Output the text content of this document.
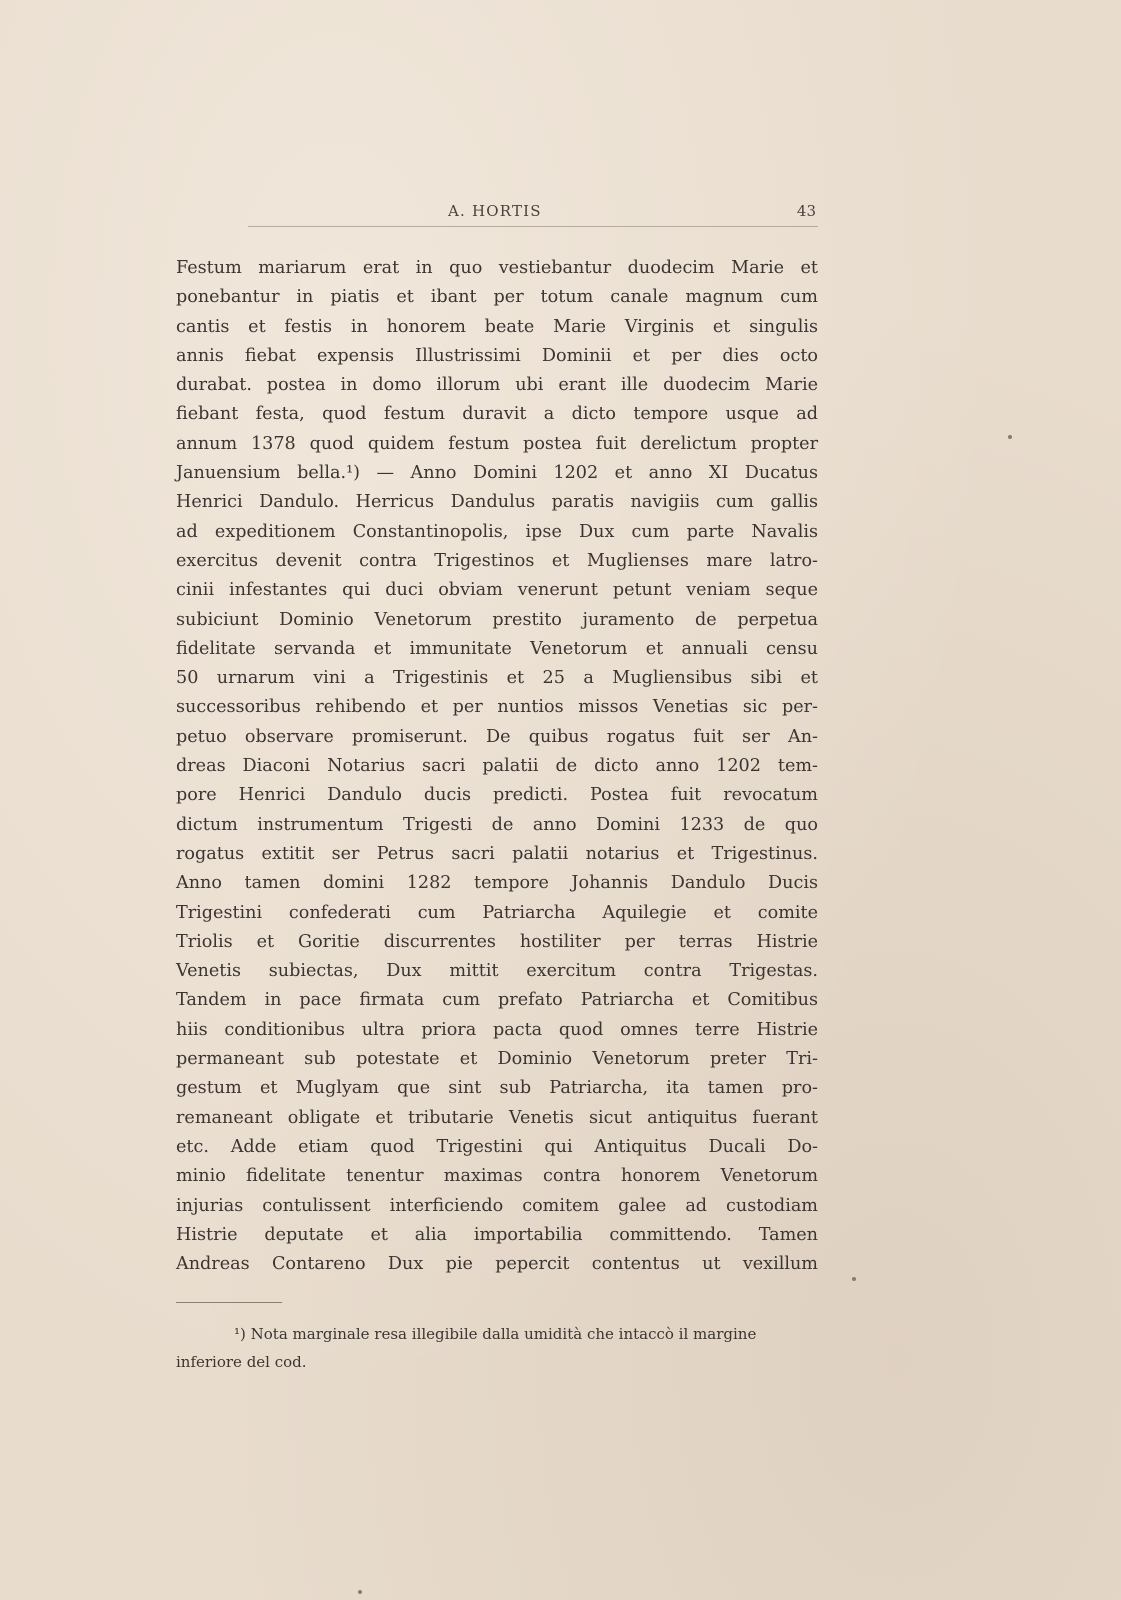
A. HORTIS	43
Festum mariarum erat in quo vestiebantur duodecim Marie et
ponebantur in piatis et ibant per totum canale magnum cum
cantis et festis in honorem beate Marie Virginis et singulis
annis fiebat expensis Illustrissimi Dominii et per dies octo
durabat. postea in domo illorum ubi erant ille duodecim Marie
fiebant festa, quod festum duravit a dicto tempore usque ad
annum 1378 quod quidem festum postea fuit derelictum propter
Januensium bella.¹) — Anno Domini 1202 et anno XI Ducatus
Henrici Dandulo. Herricus Dandulus paratis navigiis cum gallis
ad expeditionem Constantinopolis, ipse Dux cum parte Navalis
exercitus devenit contra Trigestinos et Muglienses mare latro-
cinii infestantes qui duci obviam venerunt petunt veniam seque
subiciunt Dominio Venetorum prestito juramento de perpetua
fidelitate servanda et immunitate Venetorum et annuali censu
50 urnarum vini a Trigestinis et 25 a Mugliensibus sibi et
successoribus rehibendo et per nuntios missos Venetias sic per-
petuo observare promiserunt. De quibus rogatus fuit ser An-
dreas Diaconi Notarius sacri palatii de dicto anno 1202 tem-
pore Henrici Dandulo ducis predicti. Postea fuit revocatum
dictum instrumentum Trigesti de anno Domini 1233 de quo
rogatus extitit ser Petrus sacri palatii notarius et Trigestinus.
Anno tamen domini 1282 tempore Johannis Dandulo Ducis
Trigestini confederati cum Patriarcha Aquilegie et comite
Triolis et Goritie discurrentes hostiliter per terras Histrie
Venetis subiectas, Dux mittit exercitum contra Trigestas.
Tandem in pace firmata cum prefato Patriarcha et Comitibus
hiis conditionibus ultra priora pacta quod omnes terre Histrie
permaneant sub potestate et Dominio Venetorum preter Tri-
gestum et Muglyam que sint sub Patriarcha, ita tamen pro-
remaneant obligate et tributarie Venetis sicut antiquitus fuerant
etc. Adde etiam quod Trigestini qui Antiquitus Ducali Do-
minio fidelitate tenentur maximas contra honorem Venetorum
injurias contulissent interficiendo comitem galee ad custodiam
Histrie deputate et alia importabilia committendo. Tamen
Andreas Contareno Dux pie pepercit contentus ut vexillum
¹) Nota marginale resa illegibile dalla umidità che intaccò il margine
inferiore del cod.
